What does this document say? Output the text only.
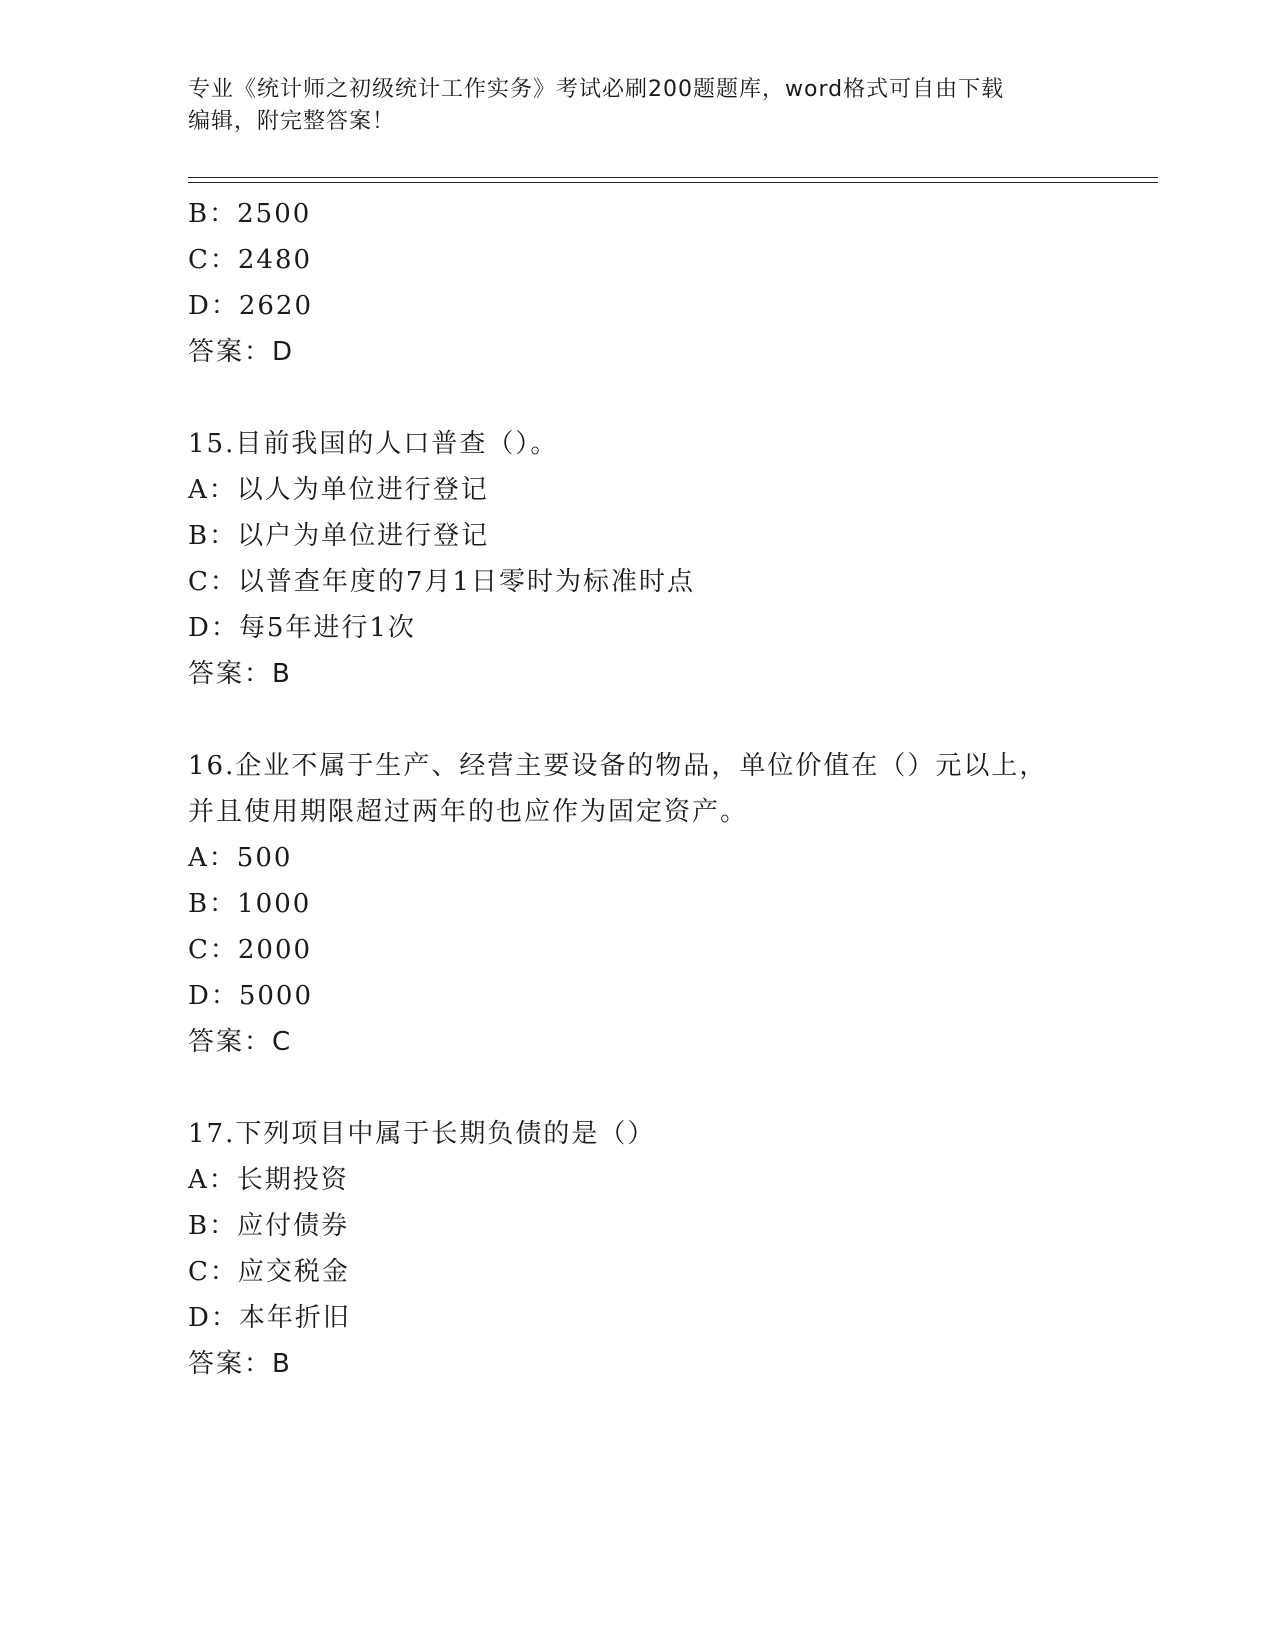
专业《统计师之初级统计工作实务》考试必刷200题题库，word格式可自由下载
编辑，附完整答案！
B：2500
C：2480
D：2620
答案：D
15.目前我国的人口普查（）。
A：以人为单位进行登记
B：以户为单位进行登记
C：以普查年度的7月1日零时为标准时点
D：每5年进行1次
答案：B
16.企业不属于生产、经营主要设备的物品，单位价值在（）元以上，
并且使用期限超过两年的也应作为固定资产。
A：500
B：1000
C：2000
D：5000
答案：C
17.下列项目中属于长期负债的是（）
A：长期投资
B：应付债券
C：应交税金
D：本年折旧
答案：B
